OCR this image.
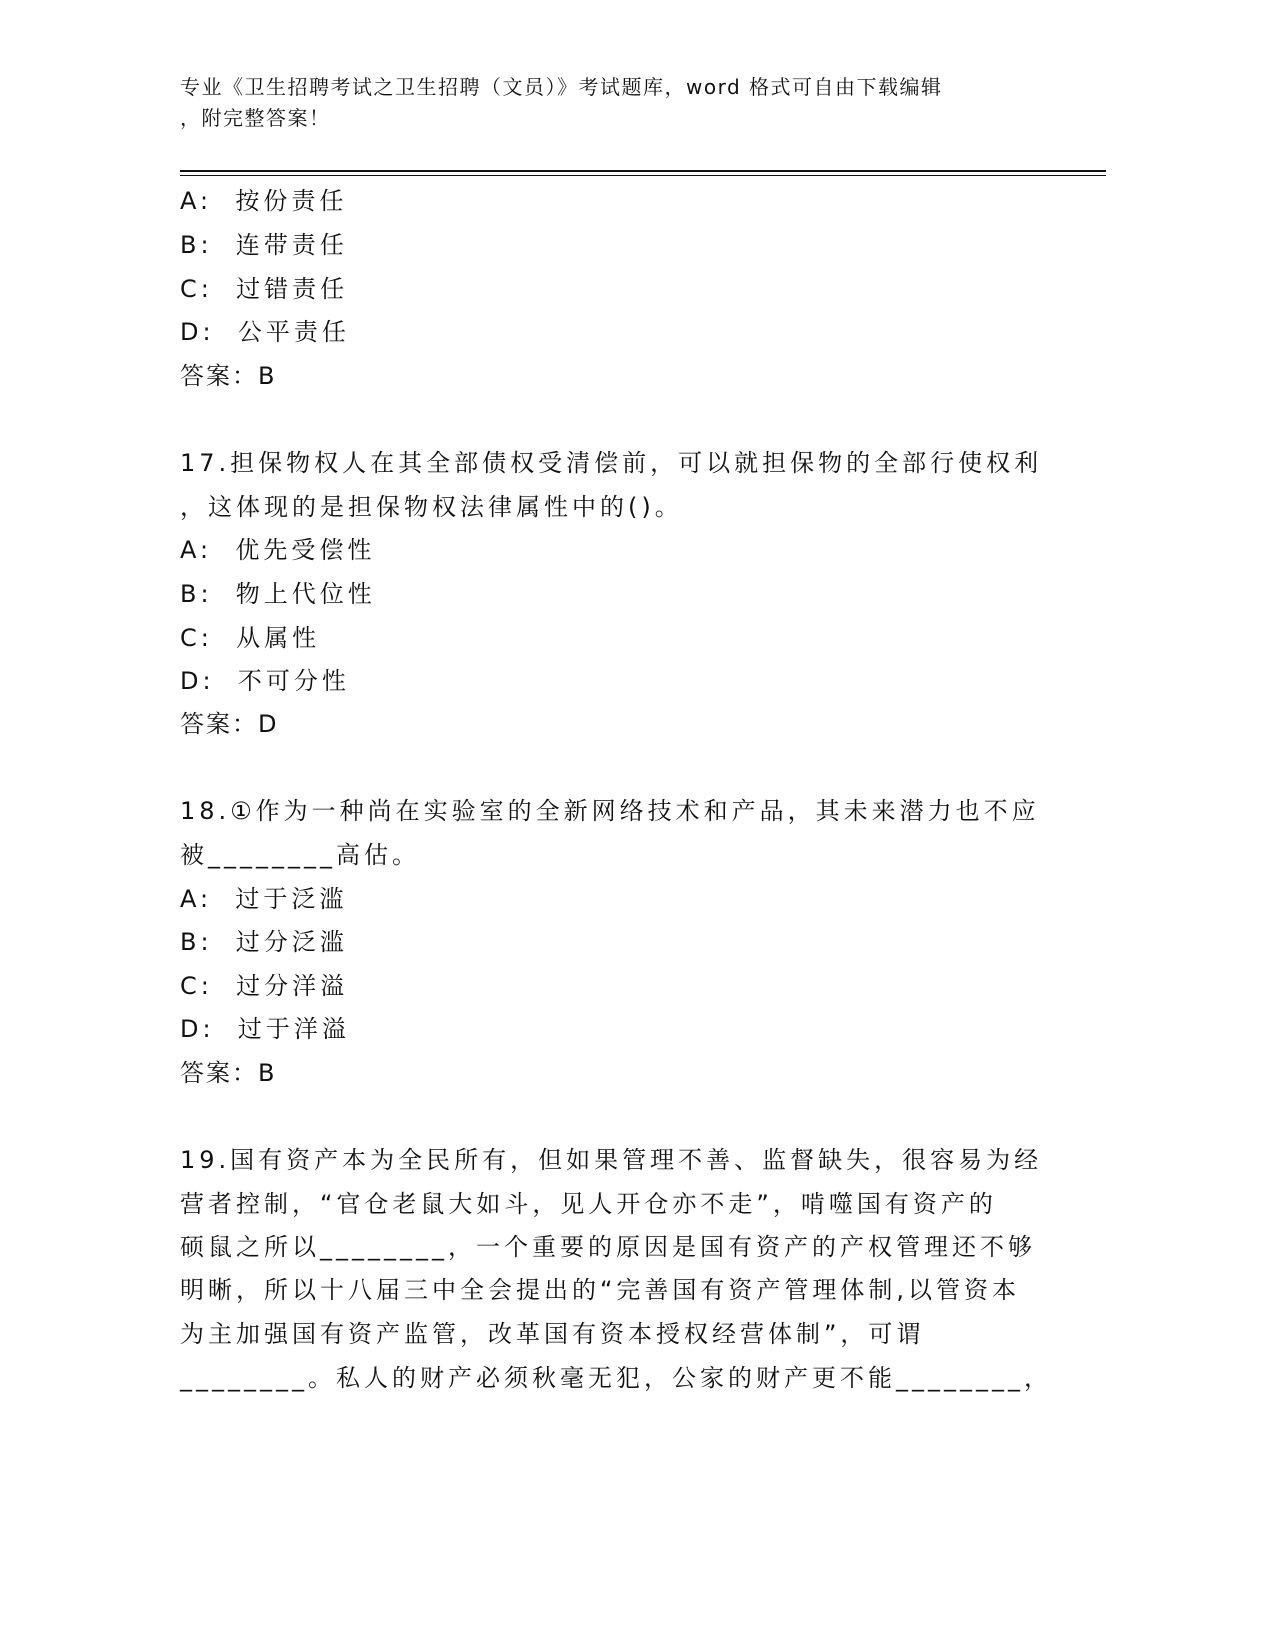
专业《卫生招聘考试之卫生招聘（文员）》考试题库，word 格式可自由下载编辑
，附完整答案！
A:  按份责任
B:  连带责任
C:  过错责任
D:  公平责任
答案：B
17.担保物权人在其全部债权受清偿前，可以就担保物的全部行使权利
，这体现的是担保物权法律属性中的()。
A:  优先受偿性
B:  物上代位性
C:  从属性
D:  不可分性
答案：D
18.①作为一种尚在实验室的全新网络技术和产品，其未来潜力也不应
被________高估。
A:  过于泛滥
B:  过分泛滥
C:  过分洋溢
D:  过于洋溢
答案：B
19.国有资产本为全民所有，但如果管理不善、监督缺失，很容易为经
营者控制，“官仓老鼠大如斗，见人开仓亦不走”，啃噬国有资产的
硕鼠之所以________，一个重要的原因是国有资产的产权管理还不够
明晰，所以十八届三中全会提出的“完善国有资产管理体制,以管资本
为主加强国有资产监管，改革国有资本授权经营体制”，可谓
________。私人的财产必须秋毫无犯，公家的财产更不能________，
